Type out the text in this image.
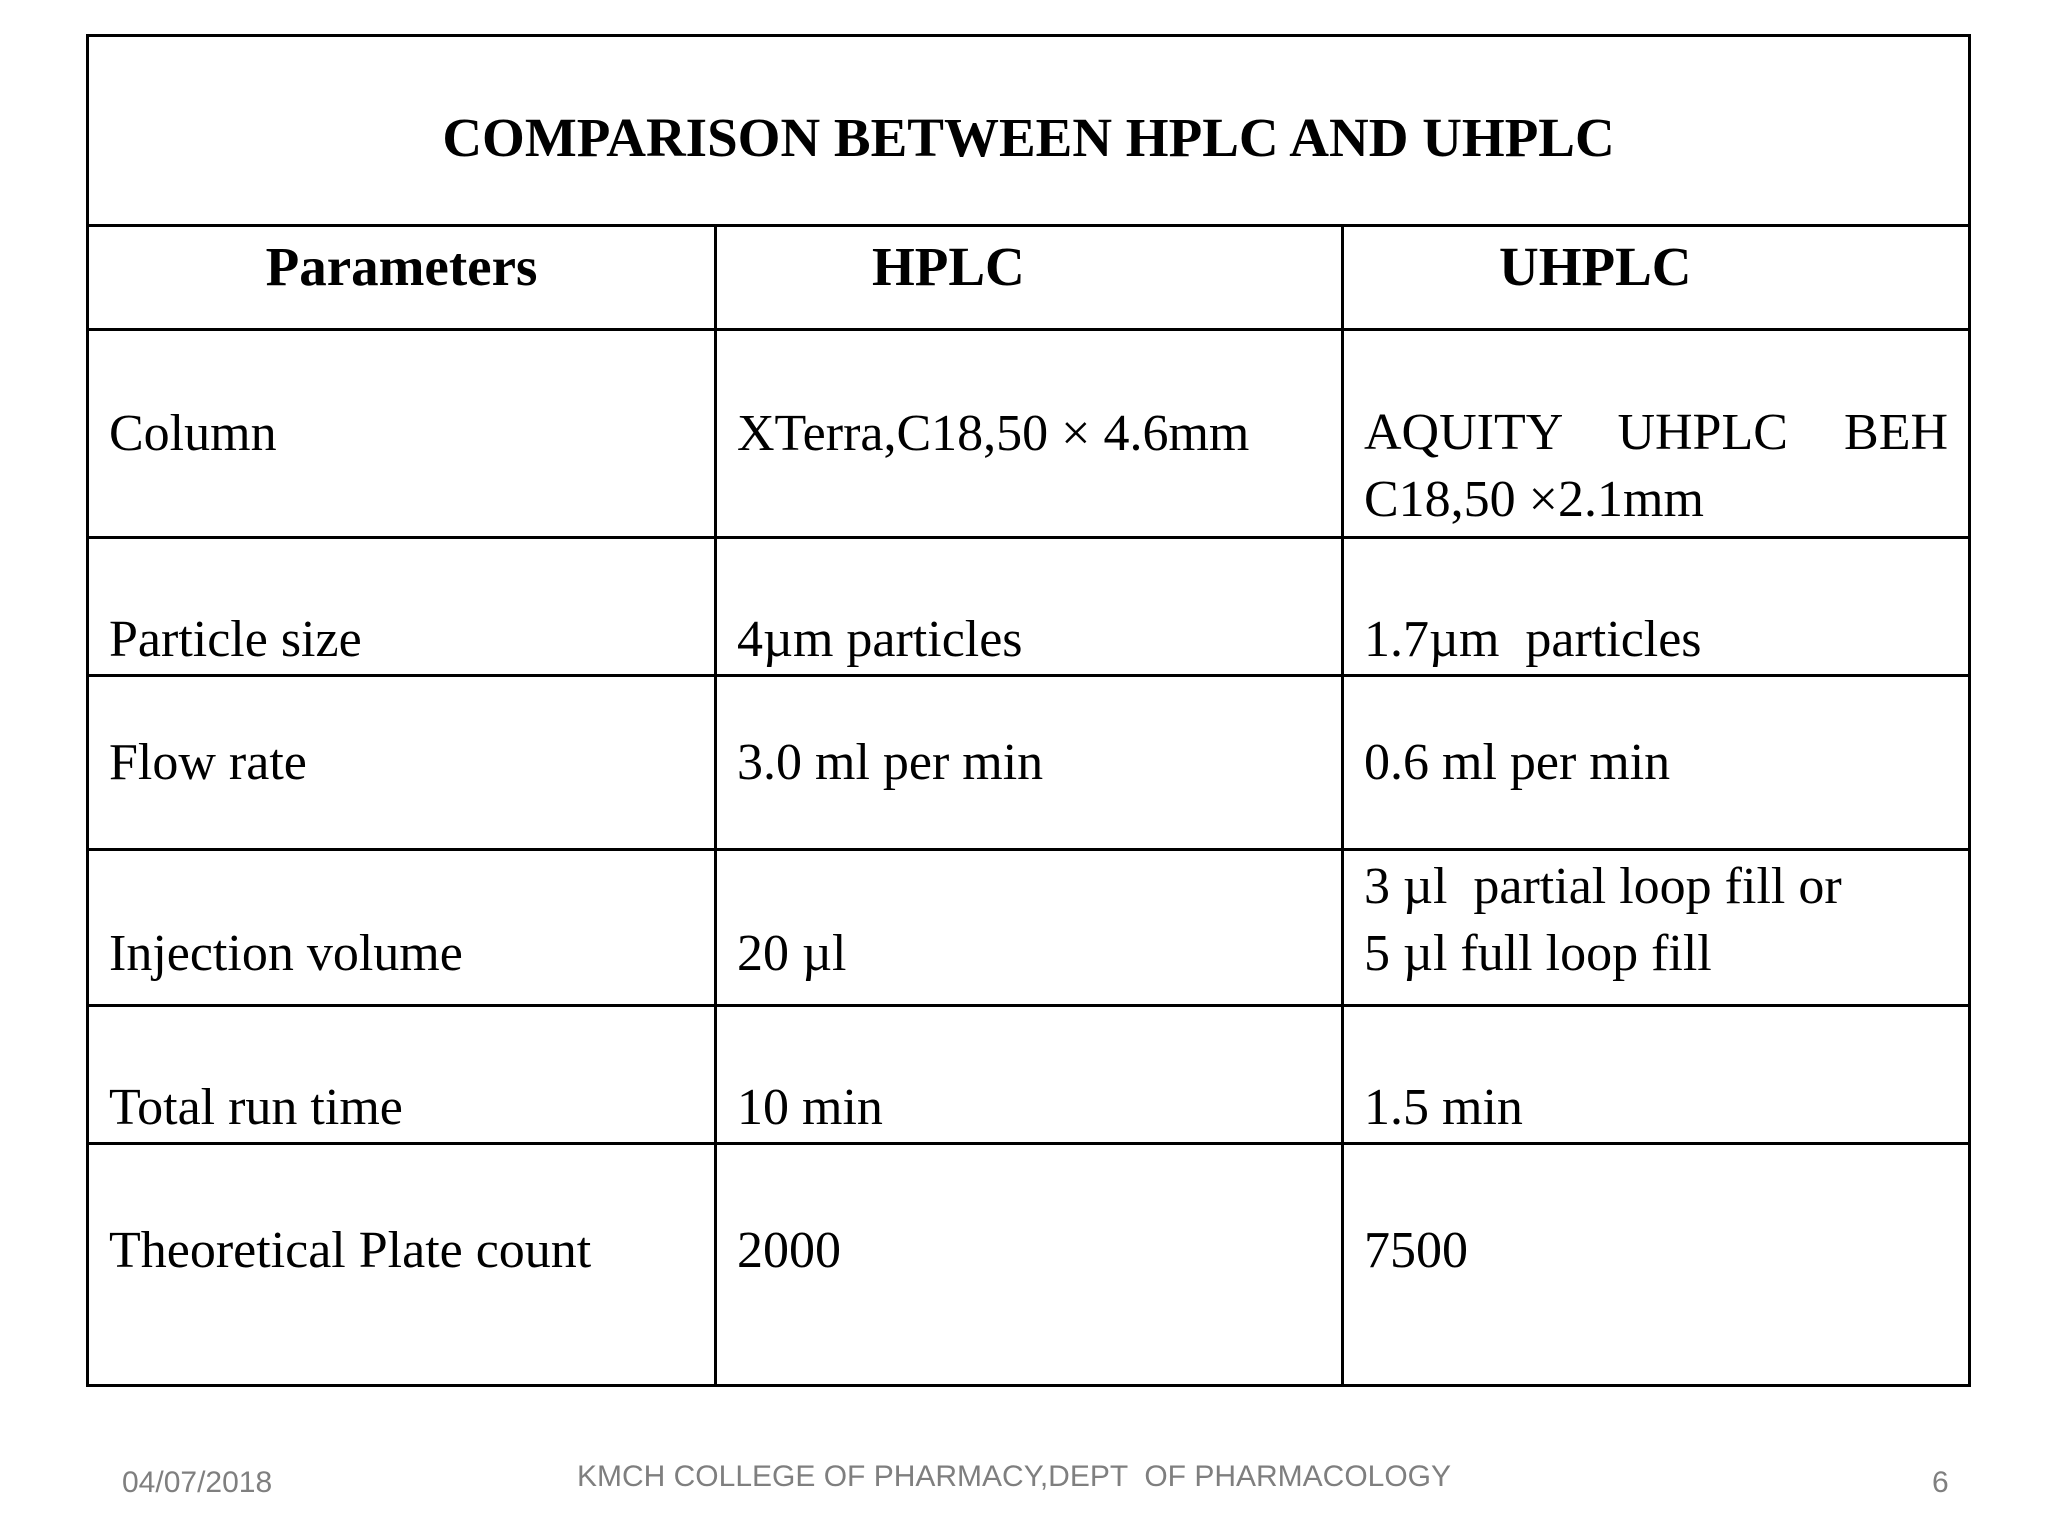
COMPARISON BETWEEN HPLC AND UHPLC		
Parameters	HPLC	UHPLC
Column	XTerra,C18,50 × 4.6mm	AQUITY  UHPLC  BEH
C18,50 ×2.1mm

Particle size	4µm particles	1.7µm  particles

Flow rate	3.0 ml per min	0.6 ml per min

Injection volume	20 µl	3 µl  partial loop fill or
5 µl full loop fill

Total run time	10 min	1.5 min

Theoretical Plate count	2000	7500
04/07/2018	KMCH COLLEGE OF PHARMACY,DEPT  OF PHARMACOLOGY	6
